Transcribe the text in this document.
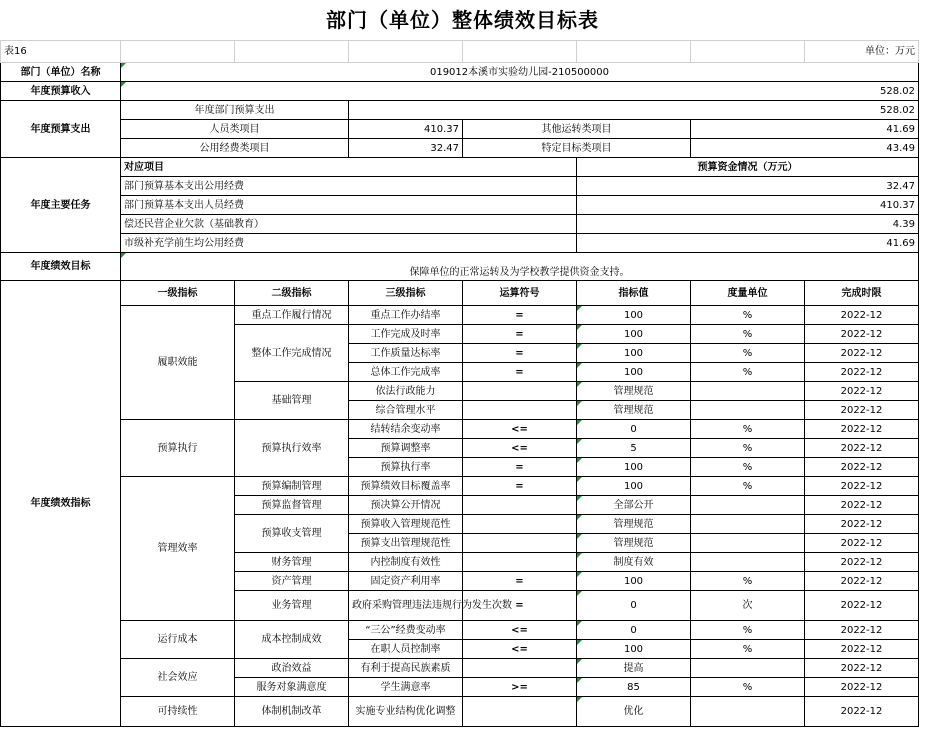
部门（单位）整体绩效目标表
表16							单位：万元
部门（单位）名称	019012本溪市实验幼儿园-210500000						
年度预算收入	528.02						
年度预算支出	年度部门预算支出		528.02				
	人员类项目		410.37	其他运转类项目		41.69	
	公用经费类项目		32.47	特定目标类项目		43.49	
年度主要任务	对应项目				预算资金情况（万元）		
	部门预算基本支出公用经费				32.47		
	部门预算基本支出人员经费				410.37		
	偿还民营企业欠款（基础教育）				4.39		
	市级补充学前生均公用经费				41.69		
年度绩效目标	保障单位的正常运转及为学校教学提供资金支持。						
年度绩效指标	一级指标	二级指标	三级指标	运算符号	指标值	度量单位	完成时限
	履职效能	重点工作履行情况	重点工作办结率	=	100	%	2022-12
		整体工作完成情况	工作完成及时率	=	100	%	2022-12
			工作质量达标率	=	100	%	2022-12
			总体工作完成率	=	100	%	2022-12
		基础管理	依法行政能力		管理规范		2022-12
			综合管理水平		管理规范		2022-12
	预算执行	预算执行效率	结转结余变动率	<=	0	%	2022-12
			预算调整率	<=	5	%	2022-12
			预算执行率	=	100	%	2022-12
	管理效率	预算编制管理	预算绩效目标覆盖率	=	100	%	2022-12
		预算监督管理	预决算公开情况		全部公开		2022-12
		预算收支管理	预算收入管理规范性		管理规范		2022-12
			预算支出管理规范性		管理规范		2022-12
		财务管理	内控制度有效性		制度有效		2022-12
		资产管理	固定资产利用率	=	100	%	2022-12
		业务管理	政府采购管理违法违规行为发生次数	=	0	次	2022-12
	运行成本	成本控制成效	“三公”经费变动率	<=	0	%	2022-12
			在职人员控制率	<=	100	%	2022-12
	社会效应	政治效益	有利于提高民族素质		提高		2022-12
		服务对象满意度	学生满意率	>=	85	%	2022-12
	可持续性	体制机制改革	实施专业结构优化调整		优化		2022-12
